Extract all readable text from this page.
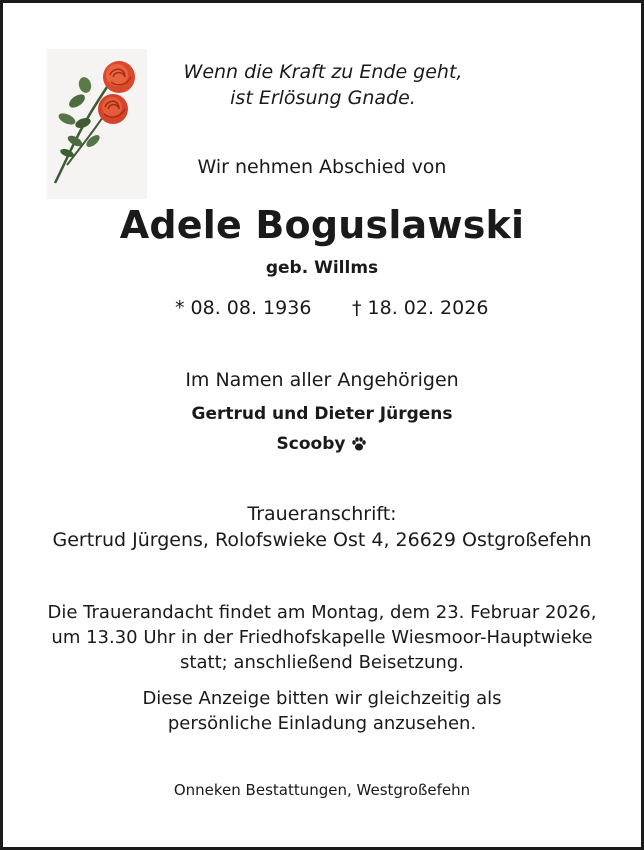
Wenn die Kraft zu Ende geht,
ist Erlösung Gnade.
Wir nehmen Abschied von
Adele Boguslawski
geb. Willms
* 08. 08. 1936 † 18. 02. 2026
Im Namen aller Angehörigen
Gertrud und Dieter Jürgens
Scooby
Traueranschrift:
Gertrud Jürgens, Rolofswieke Ost 4, 26629 Ostgroßefehn
Die Trauerandacht findet am Montag, dem 23. Februar 2026,
um 13.30 Uhr in der Friedhofskapelle Wiesmoor-Hauptwieke
statt; anschließend Beisetzung.
Diese Anzeige bitten wir gleichzeitig als
persönliche Einladung anzusehen.
Onneken Bestattungen, Westgroßefehn
